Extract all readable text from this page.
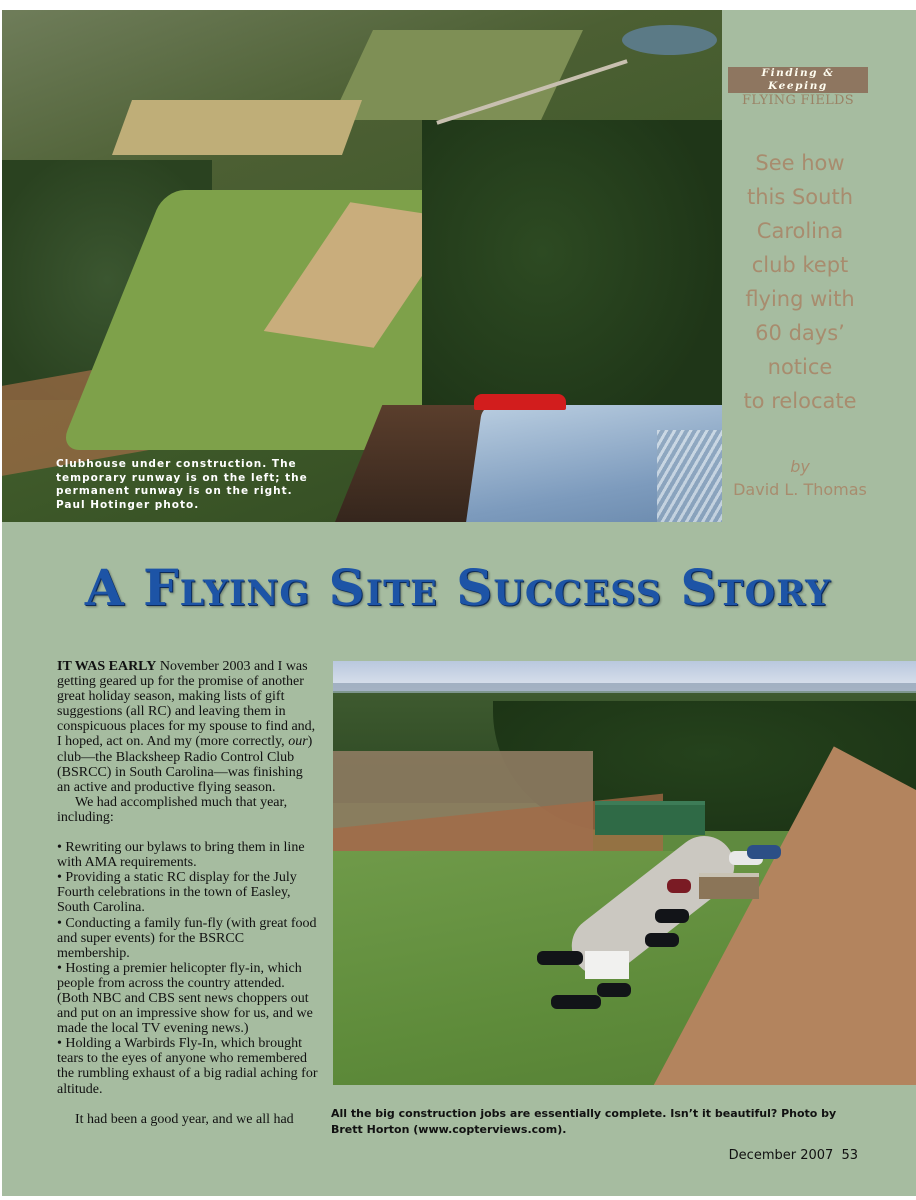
Clubhouse under construction. The temporary runway is on the left; the permanent runway is on the right. Paul Hotinger photo.
Finding & Keeping
FLYING FIELDS
See how
this South
Carolina
club kept
flying with
60 days’
notice
to relocate
by
David L. Thomas
A Flying Site Success Story

IT WAS EARLY November 2003 and I was getting geared up for the promise of another great holiday season, making lists of gift suggestions (all RC) and leaving them in conspicuous places for my spouse to find and, I hoped, act on. And my (more correctly, our) club—the Blacksheep Radio Control Club (BSRCC) in South Carolina—was finishing an active and productive flying season.

We had accomplished much that year, including:

• Rewriting our bylaws to bring them in line with AMA requirements.

• Providing a static RC display for the July Fourth celebrations in the town of Easley, South Carolina.

• Conducting a family fun-fly (with great food and super events) for the BSRCC membership.

• Hosting a premier helicopter fly-in, which people from across the country attended. (Both NBC and CBS sent news choppers out and put on an impressive show for us, and we made the local TV evening news.)

• Holding a Warbirds Fly-In, which brought tears to the eyes of anyone who remembered the rumbling exhaust of a big radial aching for altitude.

It had been a good year, and we all had	All the big construction jobs are essentially complete. Isn’t it beautiful? Photo by Brett Horton (www.copterviews.com).
December 2007 53
